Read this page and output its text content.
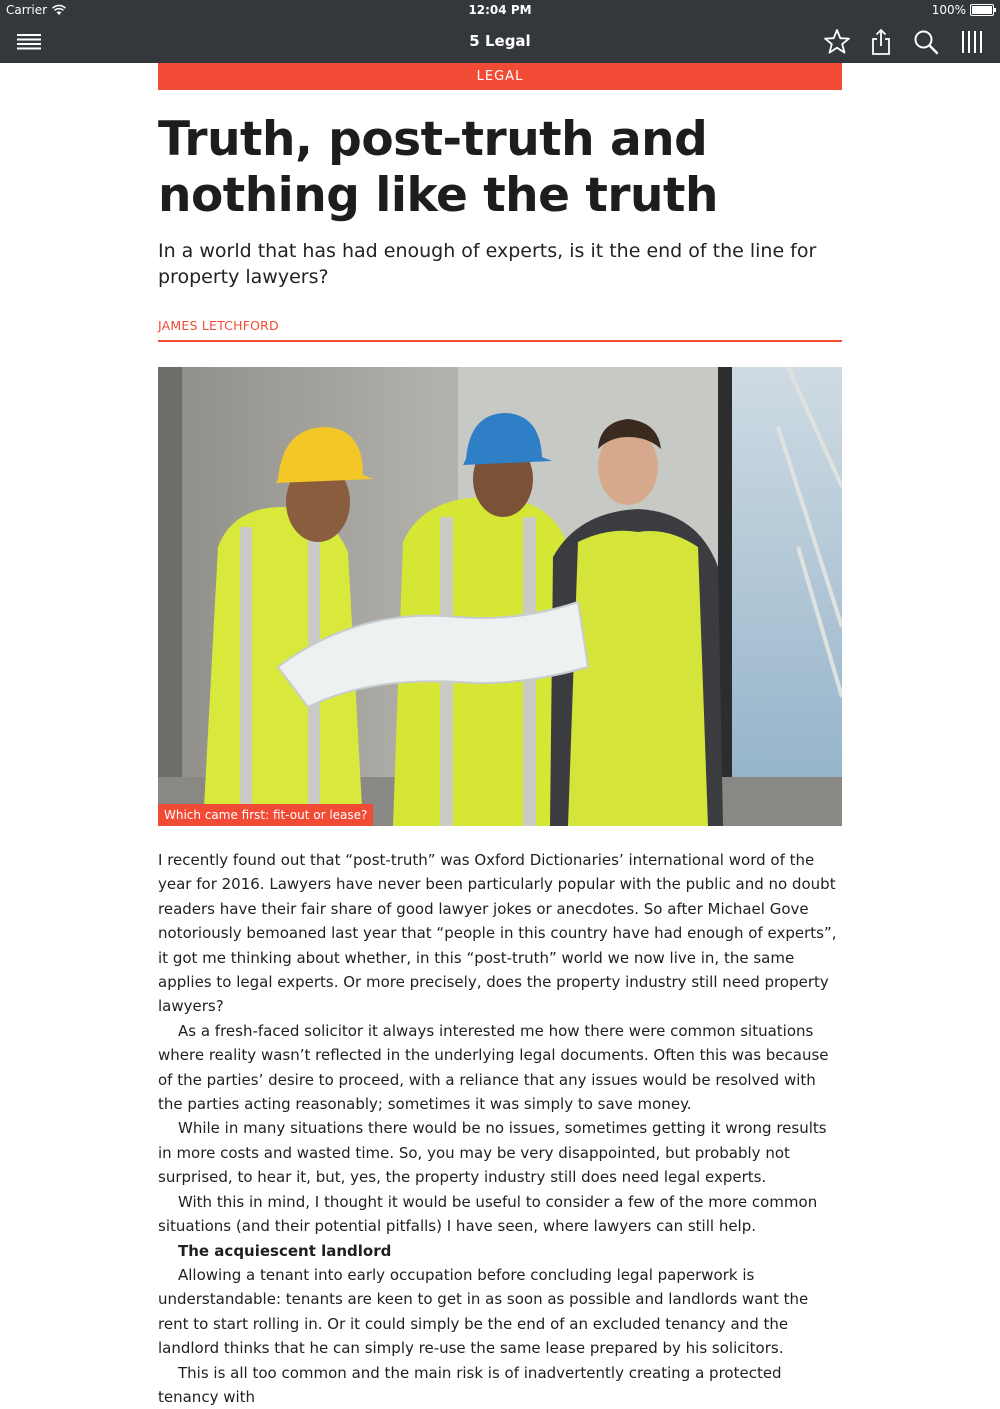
Carrier	12:04 PM	100%
5 Legal
LEGAL
Truth, post-truth and nothing like the truth

In a world that has had enough of experts, is it the end of the line for property lawyers?

JAMES LETCHFORD
Which came first: fit-out or lease?

I recently found out that “post-truth” was Oxford Dictionaries’ international word of the year for 2016. Lawyers have never been particularly popular with the public and no doubt readers have their fair share of good lawyer jokes or anecdotes. So after Michael Gove notoriously bemoaned last year that “people in this country have had enough of experts”, it got me thinking about whether, in this “post-truth” world we now live in, the same applies to legal experts. Or more precisely, does the property industry still need property lawyers?

As a fresh-faced solicitor it always interested me how there were common situations where reality wasn’t reflected in the underlying legal documents. Often this was because of the parties’ desire to proceed, with a reliance that any issues would be resolved with the parties acting reasonably; sometimes it was simply to save money.

While in many situations there would be no issues, sometimes getting it wrong results in more costs and wasted time. So, you may be very disappointed, but probably not surprised, to hear it, but, yes, the property industry still does need legal experts.

With this in mind, I thought it would be useful to consider a few of the more common situations (and their potential pitfalls) I have seen, where lawyers can still help.

The acquiescent landlord

Allowing a tenant into early occupation before concluding legal paperwork is understandable: tenants are keen to get in as soon as possible and landlords want the rent to start rolling in. Or it could simply be the end of an excluded tenancy and the landlord thinks that he can simply re-use the same lease prepared by his solicitors.

This is all too common and the main risk is of inadvertently creating a protected tenancy with
